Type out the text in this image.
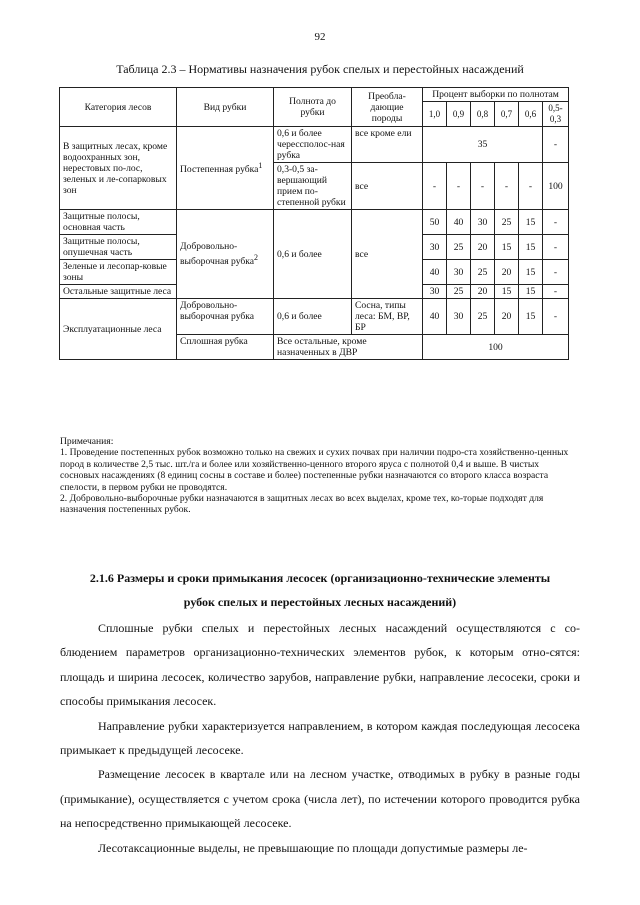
92
Таблица 2.3 – Нормативы назначения рубок спелых и перестойных насаждений
Категория лесов	Вид рубки	Полнота до рубки	Преобла-дающие породы	Процент выборки по полнотам					
				1,0	0,9	0,8	0,7	0,6	0,5-0,3
В защитных лесах, кроме водоохранных зон, нерестовых по-лос, зеленых и ле-сопарковых зон	Постепенная рубка$^1$	0,6 и более черессполос-ная рубка	все кроме ели	35					-
		0,3-0,5 за-вершающий прием по-степенной рубки	все	-	-	-	-	-	100
Защитные полосы, основная часть	Добровольно-выборочная рубка$^2$	0,6 и более	все	50	40	30	25	15	-
Защитные полосы, опушечная часть				30	25	20	15	15	-
Зеленые и лесопар-ковые зоны				40	30	25	20	15	-
Остальные защитные леса				30	25	20	15	15	-
Эксплуатационные леса	Добровольно-выборочная рубка	0,6 и более	Сосна, типы леса: БМ, ВР, БР	40	30	25	20	15	-
	Сплошная рубка	Все остальные, кроме назначенных в ДВР		100					

Примечания:

1. Проведение постепенных рубок возможно только на свежих и сухих почвах при наличии подро-ста хозяйственно-ценных пород в количестве 2,5 тыс. шт./га и более или хозяйственно-ценного второго яруса с полнотой 0,4 и выше. В чистых сосновых насаждениях (8 единиц сосны в составе и более) постепенные рубки назначаются со второго класса возраста спелости, в первом рубки не проводятся.

2. Добровольно-выборочные рубки назначаются в защитных лесах во всех выделах, кроме тех, ко-торые подходят для назначения постепенных рубок.

2.1.6 Размеры и сроки примыкания лесосек (организационно-технические элементы
рубок спелых и перестойных лесных насаждений)

Сплошные рубки спелых и перестойных лесных насаждений осуществляются с со-блюдением параметров организационно-технических элементов рубок, к которым отно-сятся: площадь и ширина лесосек, количество зарубов, направление рубки, направление лесосеки, сроки и способы примыкания лесосек.

Направление рубки характеризуется направлением, в котором каждая последующая лесосека примыкает к предыдущей лесосеке.

Размещение лесосек в квартале или на лесном участке, отводимых в рубку в разные годы (примыкание), осуществляется с учетом срока (числа лет), по истечении которого проводится рубка на непосредственно примыкающей лесосеке.

Лесотаксационные выделы, не превышающие по площади допустимые размеры ле-
